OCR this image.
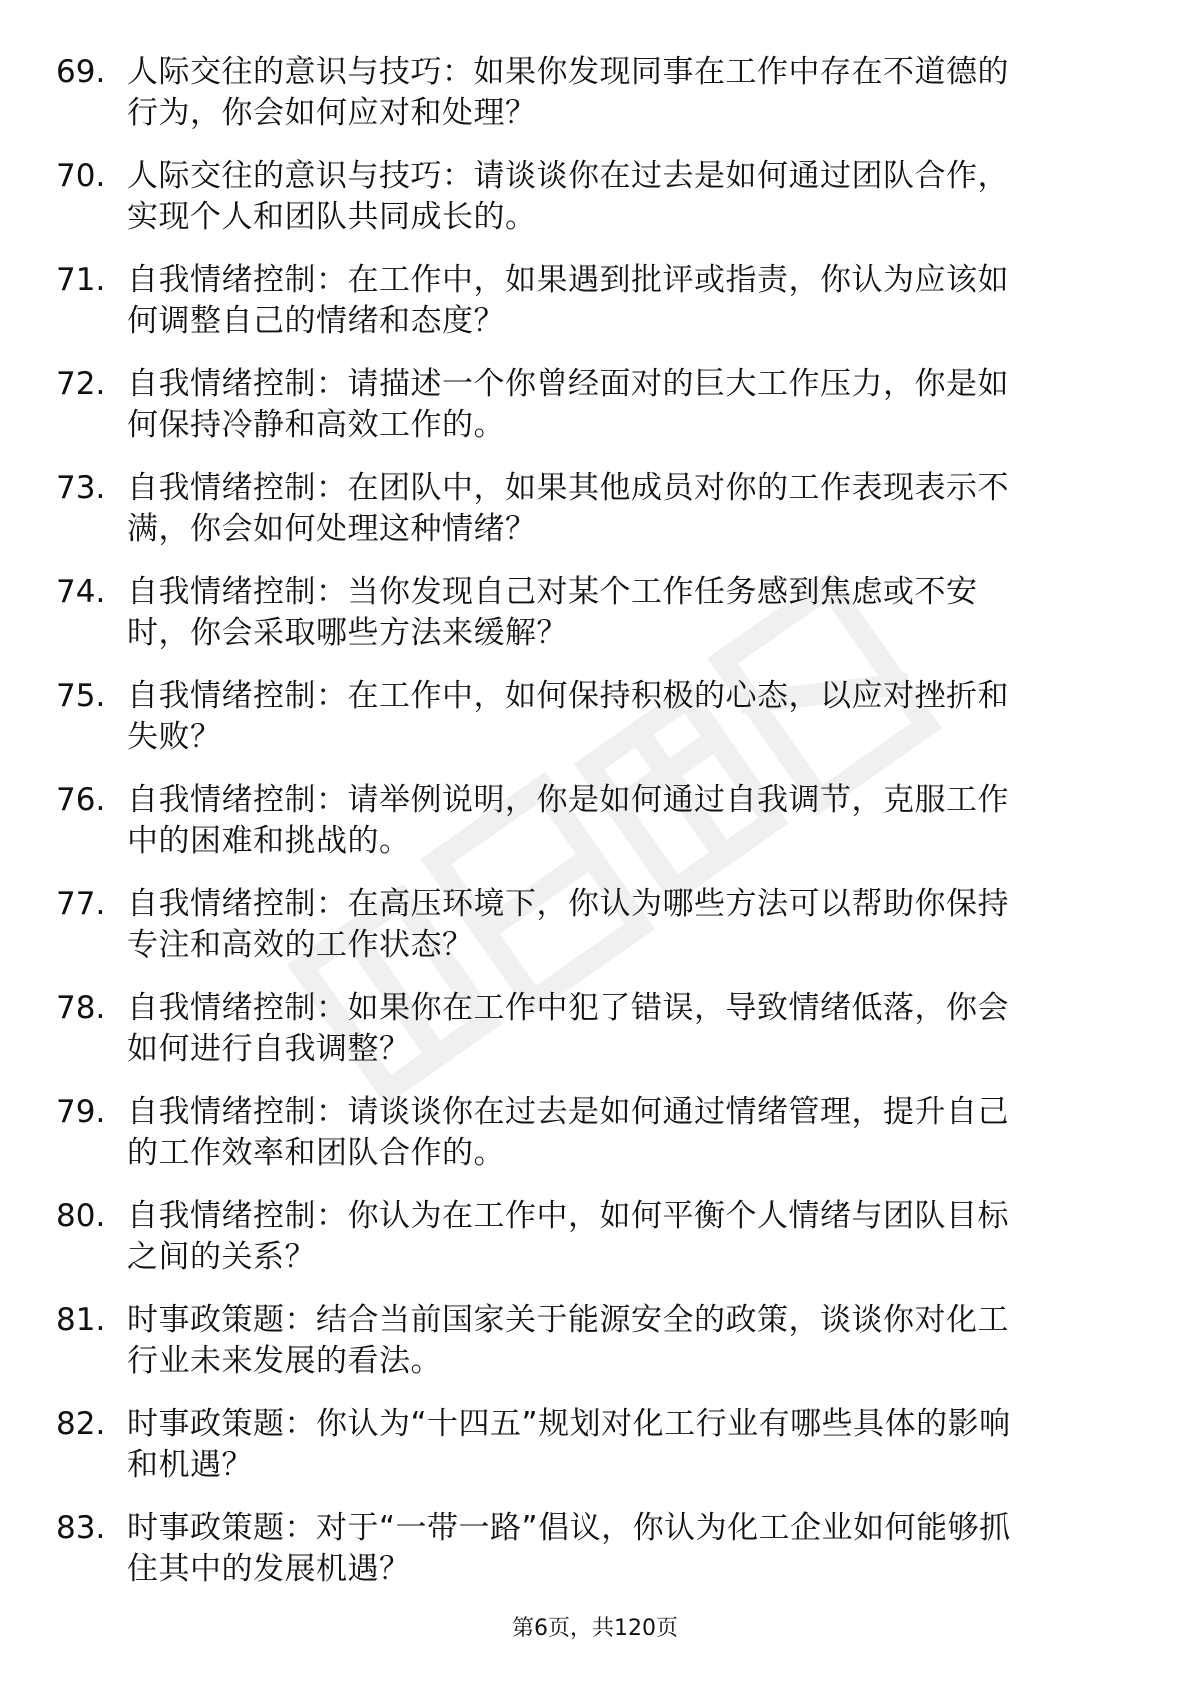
69. 人际交往的意识与技巧：如果你发现同事在工作中存在不道德的
行为，你会如何应对和处理？
70. 人际交往的意识与技巧：请谈谈你在过去是如何通过团队合作，
实现个人和团队共同成长的。
71. 自我情绪控制：在工作中，如果遇到批评或指责，你认为应该如
何调整自己的情绪和态度？
72. 自我情绪控制：请描述一个你曾经面对的巨大工作压力，你是如
何保持冷静和高效工作的。
73. 自我情绪控制：在团队中，如果其他成员对你的工作表现表示不
满，你会如何处理这种情绪？
74. 自我情绪控制：当你发现自己对某个工作任务感到焦虑或不安
时，你会采取哪些方法来缓解？
75. 自我情绪控制：在工作中，如何保持积极的心态，以应对挫折和
失败？
76. 自我情绪控制：请举例说明，你是如何通过自我调节，克服工作
中的困难和挑战的。
77. 自我情绪控制：在高压环境下，你认为哪些方法可以帮助你保持
专注和高效的工作状态？
78. 自我情绪控制：如果你在工作中犯了错误，导致情绪低落，你会
如何进行自我调整？
79. 自我情绪控制：请谈谈你在过去是如何通过情绪管理，提升自己
的工作效率和团队合作的。
80. 自我情绪控制：你认为在工作中，如何平衡个人情绪与团队目标
之间的关系？
81. 时事政策题：结合当前国家关于能源安全的政策，谈谈你对化工
行业未来发展的看法。
82. 时事政策题：你认为“十四五”规划对化工行业有哪些具体的影响
和机遇？
83. 时事政策题：对于“一带一路”倡议，你认为化工企业如何能够抓
住其中的发展机遇？
第6页，共120页
